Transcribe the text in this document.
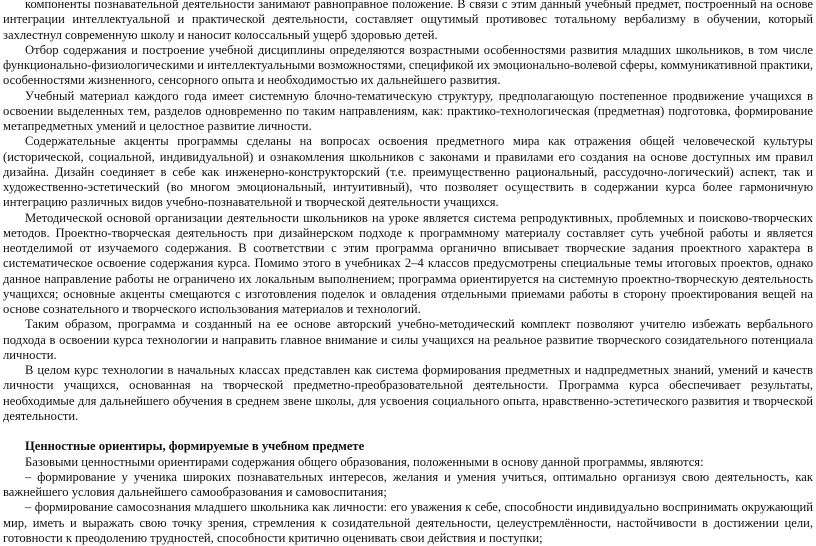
компоненты познавательной деятельности занимают равноправное положение. В связи с этим данный учебный предмет, построенный на основе интеграции интеллектуальной и практической деятельности, составляет ощутимый противовес тотальному вербализму в обучении, который захлестнул современную школу и наносит колоссальный ущерб здоровью детей.

Отбор содержания и построение учебной дисциплины определяются возрастными особенностями развития младших школьников, в том числе функционально-физиологическими и интеллектуальными возможностями, спецификой их эмоционально-волевой сферы, коммуникативной практики, особенностями жизненного, сенсорного опыта и необходимостью их дальнейшего развития.

Учебный материал каждого года имеет системную блочно-тематическую структуру, предполагающую постепенное продвижение учащихся в освоении выделенных тем, разделов одновременно по таким направлениям, как: практико-технологическая (предметная) подготовка, формирование метапредметных умений и целостное развитие личности.

Содержательные акценты программы сделаны на вопросах освоения предметного мира как отражения общей человеческой культуры (исторической, социальной, индивидуальной) и ознакомления школьников с законами и правилами его создания на основе доступных им правил дизайна. Дизайн соединяет в себе как инженерно-конструкторский (т.е. преимущественно рациональный, рассудочно-логический) аспект, так и художественно-эстетический (во многом эмоциональный, интуитивный), что позволяет осуществить в содержании курса более гармоничную интеграцию различных видов учебно-познавательной и творческой деятельности учащихся.

Методической основой организации деятельности школьников на уроке является система репродуктивных, проблемных и поисково-творческих методов. Проектно-творческая деятельность при дизайнерском подходе к программному материалу составляет суть учебной работы и является неотделимой от изучаемого содержания. В соответствии с этим программа органично вписывает творческие задания проектного характера в систематическое освоение содержания курса. Помимо этого в учебниках 2–4 классов предусмотрены специальные темы итоговых проектов, однако данное направление работы не ограничено их локальным выполнением; программа ориентируется на системную проектно-творческую деятельность учащихся; основные акценты смещаются с изготовления поделок и овладения отдельными приемами работы в сторону проектирования вещей на основе сознательного и творческого использования материалов и технологий.

Таким образом, программа и созданный на ее основе авторский учебно-методический комплект позволяют учителю избежать вербального подхода в освоении курса технологии и направить главное внимание и силы учащихся на реальное развитие творческого созидательного потенциала личности.

В целом курс технологии в начальных классах представлен как система формирования предметных и надпредметных знаний, умений и качеств личности учащихся, основанная на творческой предметно-преобразовательной деятельности. Программа курса обеспечивает результаты, необходимые для дальнейшего обучения в среднем звене школы, для усвоения социального опыта, нравственно-эстетического развития и творческой деятельности.

Ценностные ориентиры, формируемые в учебном предмете

Базовыми ценностными ориентирами содержания общего образования, положенными в основу данной программы, являются:

– формирование у ученика широких познавательных интересов, желания и умения учиться, оптимально организуя свою деятельность, как важнейшего условия дальнейшего самообразования и самовоспитания;

– формирование самосознания младшего школьника как личности: его уважения к себе, способности индивидуально воспринимать окружающий мир, иметь и выражать свою точку зрения, стремления к созидательной деятельности, целеустремлённости, настойчивости в достижении цели, готовности к преодолению трудностей, способности критично оценивать свои действия и поступки;
